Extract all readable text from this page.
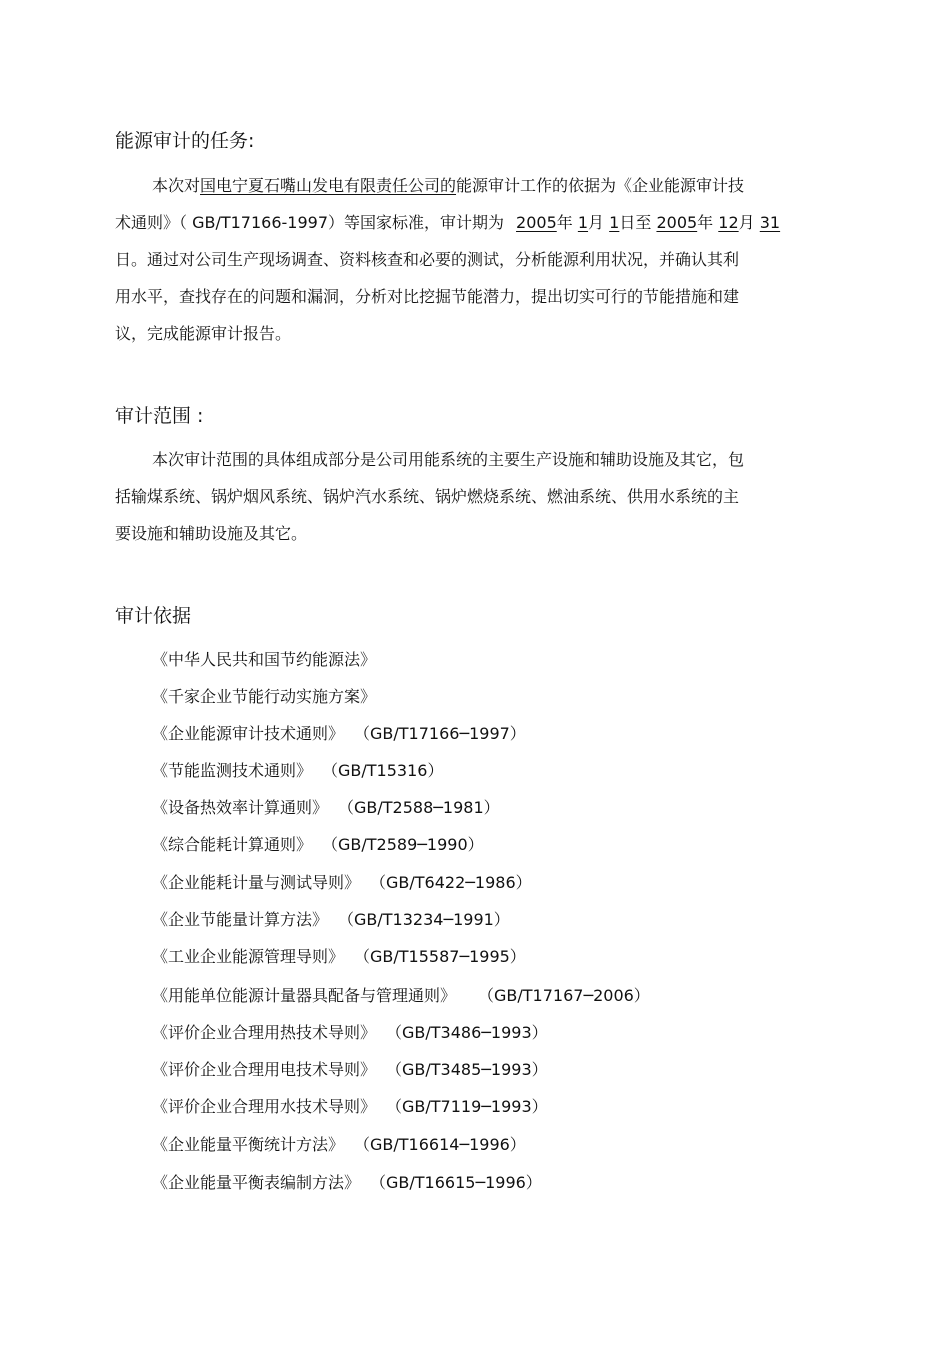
能源审计的任务:
本次对国电宁夏石嘴山发电有限责任公司的能源审计工作的依据为《企业能源审计技
术通则》（ GB/T17166-1997）等国家标准，审计期为 2005年 1月 1日至 2005年 12月 31
日。通过对公司生产现场调查、资料核查和必要的测试，分析能源利用状况，并确认其利
用水平，查找存在的问题和漏洞，分析对比挖掘节能潜力，提出切实可行的节能措施和建
议，完成能源审计报告。
审计范围 :
本次审计范围的具体组成部分是公司用能系统的主要生产设施和辅助设施及其它，包
括输煤系统、锅炉烟风系统、锅炉汽水系统、锅炉燃烧系统、燃油系统、供用水系统的主
要设施和辅助设施及其它。
审计依据
《中华人民共和国节约能源法》
《千家企业节能行动实施方案》
《企业能源审计技术通则》 （GB/T17166─1997）
《节能监测技术通则》 （GB/T15316）
《设备热效率计算通则》 （GB/T2588─1981）
《综合能耗计算通则》 （GB/T2589─1990）
《企业能耗计量与测试导则》 （GB/T6422─1986）
《企业节能量计算方法》 （GB/T13234─1991）
《工业企业能源管理导则》 （GB/T15587─1995）
《用能单位能源计量器具配备与管理通则》 （GB/T17167─2006）
《评价企业合理用热技术导则》 （GB/T3486─1993）
《评价企业合理用电技术导则》 （GB/T3485─1993）
《评价企业合理用水技术导则》 （GB/T7119─1993）
《企业能量平衡统计方法》 （GB/T16614─1996）
《企业能量平衡表编制方法》 （GB/T16615─1996）
